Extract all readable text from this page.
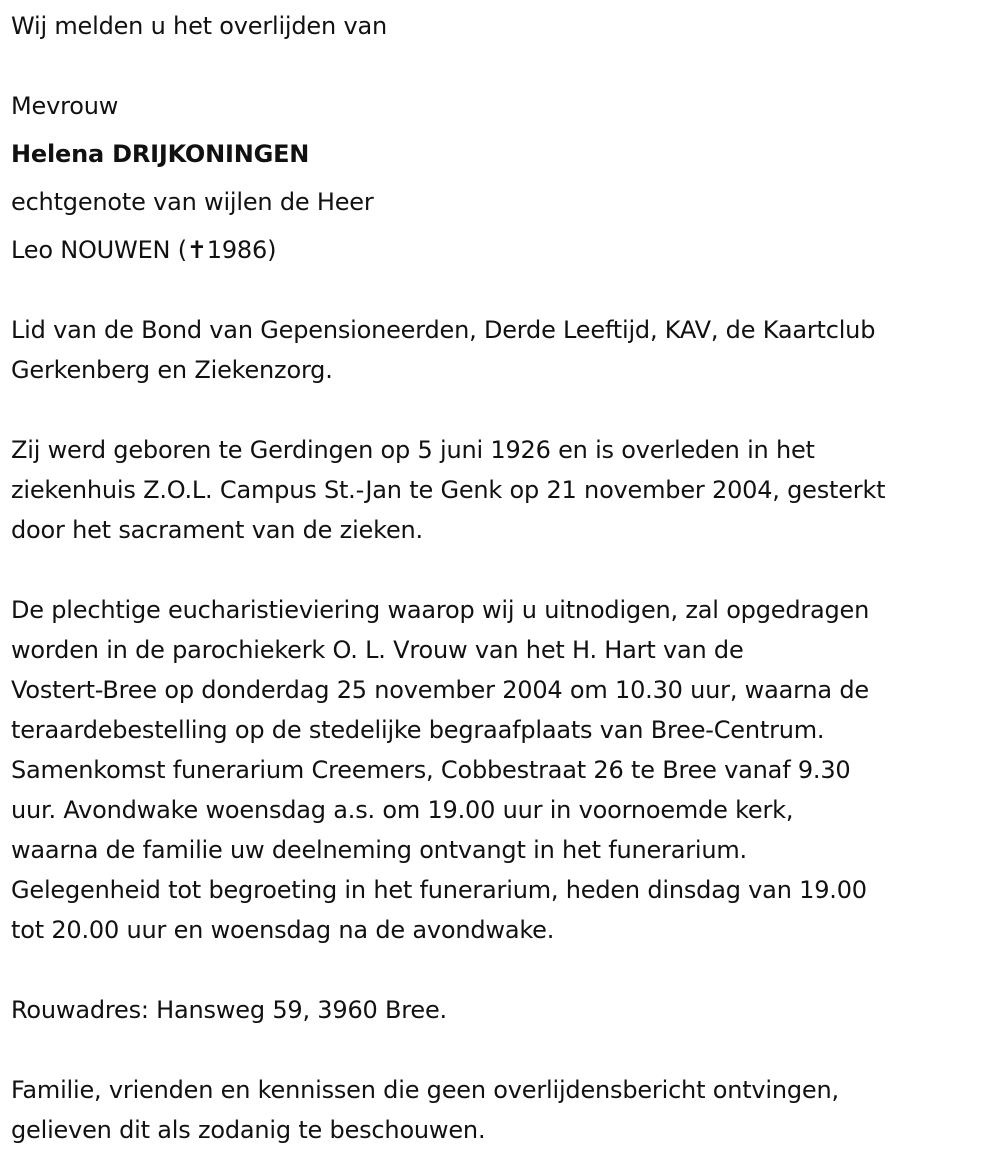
Wij melden u het overlijden van
Mevrouw
Helena DRIJKONINGEN
echtgenote van wijlen de Heer
Leo NOUWEN (✝1986)
Lid van de Bond van Gepensioneerden, Derde Leeftijd, KAV, de Kaartclub
Gerkenberg en Ziekenzorg.
Zij werd geboren te Gerdingen op 5 juni 1926 en is overleden in het
ziekenhuis Z.O.L. Campus St.-Jan te Genk op 21 november 2004, gesterkt
door het sacrament van de zieken.
De plechtige eucharistieviering waarop wij u uitnodigen, zal opgedragen
worden in de parochiekerk O. L. Vrouw van het H. Hart van de
Vostert-Bree op donderdag 25 november 2004 om 10.30 uur, waarna de
teraardebestelling op de stedelijke begraafplaats van Bree-Centrum.
Samenkomst funerarium Creemers, Cobbestraat 26 te Bree vanaf 9.30
uur. Avondwake woensdag a.s. om 19.00 uur in voornoemde kerk,
waarna de familie uw deelneming ontvangt in het funerarium.
Gelegenheid tot begroeting in het funerarium, heden dinsdag van 19.00
tot 20.00 uur en woensdag na de avondwake.
Rouwadres: Hansweg 59, 3960 Bree.
Familie, vrienden en kennissen die geen overlijdensbericht ontvingen,
gelieven dit als zodanig te beschouwen.
